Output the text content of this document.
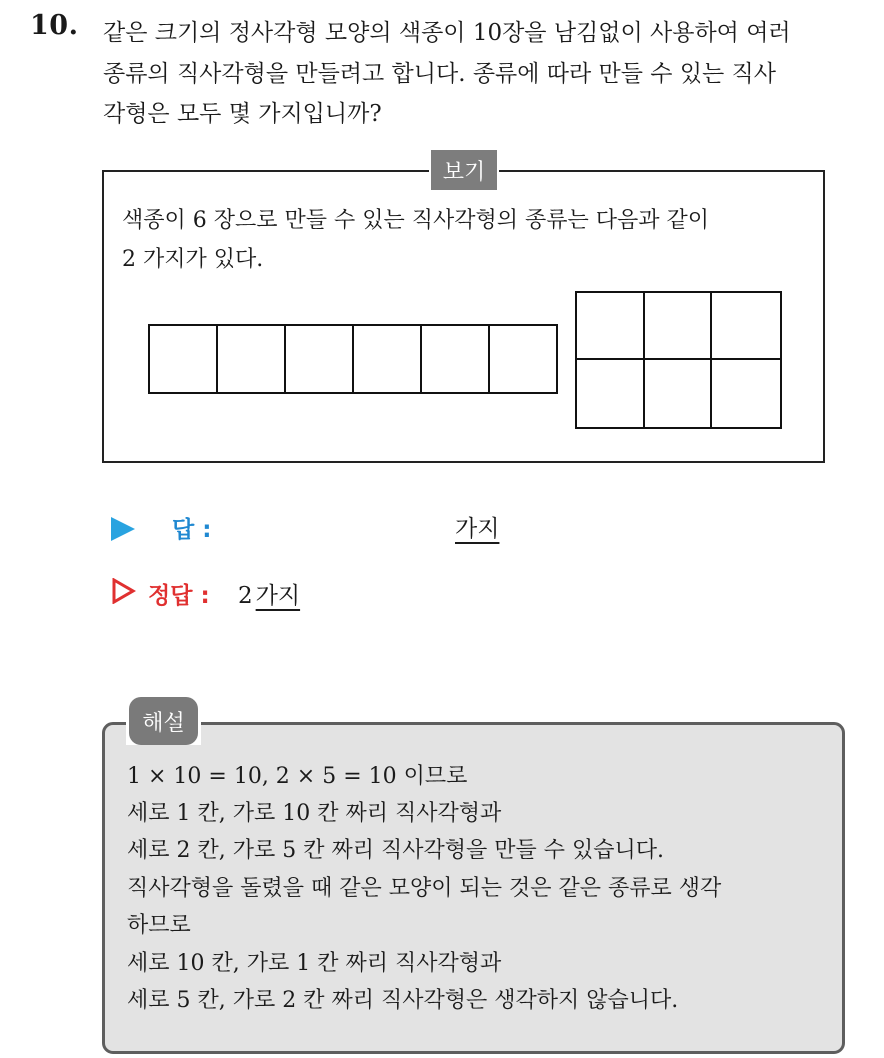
10. 같은 크기의 정사각형 모양의 색종이 10장을 남김없이 사용하여 여러
종류의 직사각형을 만들려고 합니다. 종류에 따라 만들 수 있는 직사
각형은 모두 몇 가지입니까?
보기
색종이 6 장으로 만들 수 있는 직사각형의 종류는 다음과 같이
2 가지가 있다.
답 :	가지
정답 : 2 가지
해설
1 × 10 = 10, 2 × 5 = 10 이므로
세로 1 칸, 가로 10 칸 짜리 직사각형과
세로 2 칸, 가로 5 칸 짜리 직사각형을 만들 수 있습니다.
직사각형을 돌렸을 때 같은 모양이 되는 것은 같은 종류로 생각
하므로
세로 10 칸, 가로 1 칸 짜리 직사각형과
세로 5 칸, 가로 2 칸 짜리 직사각형은 생각하지 않습니다.
